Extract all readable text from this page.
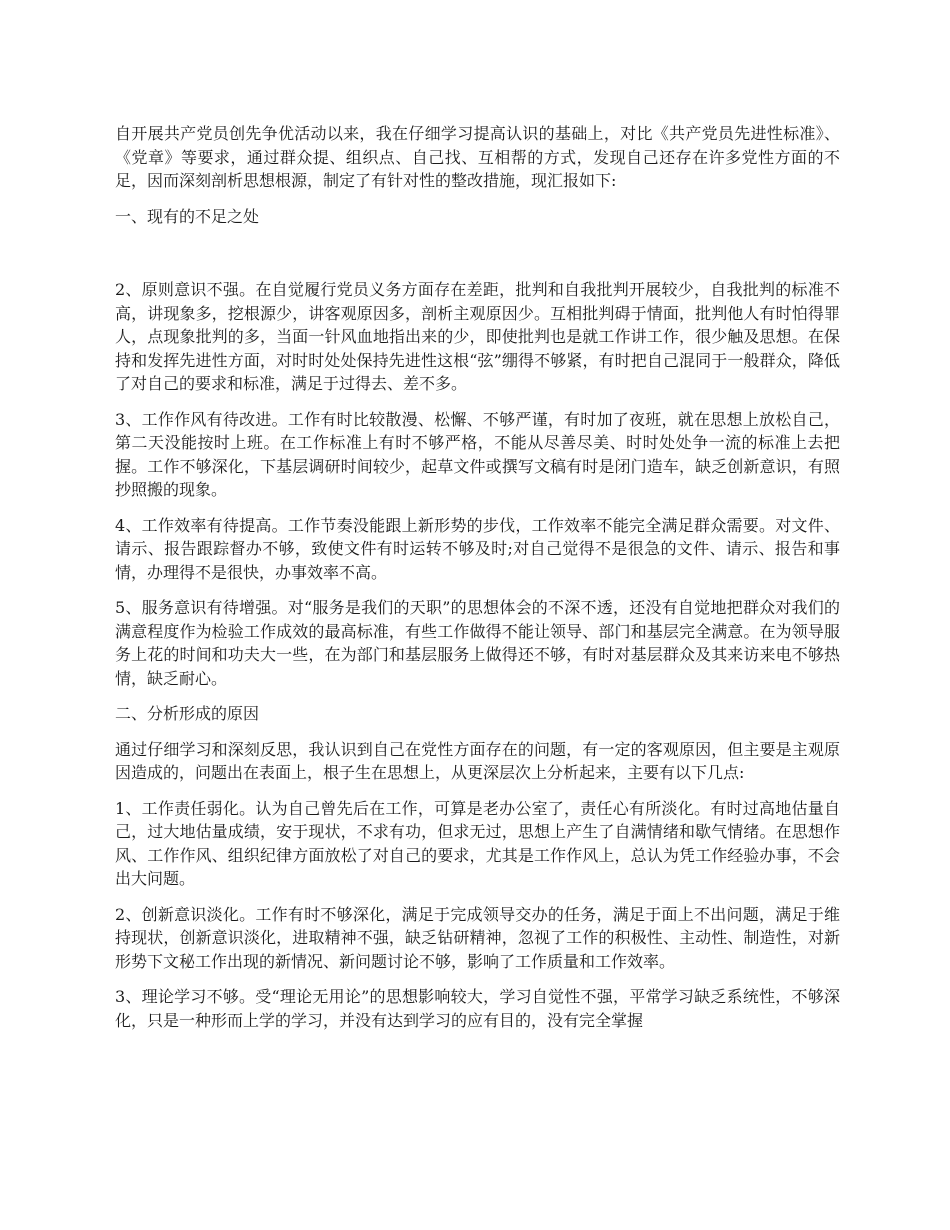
自开展共产党员创先争优活动以来，我在仔细学习提高认识的基础上，对比《共产党员先进性标准》、《党章》等要求，通过群众提、组织点、自己找、互相帮的方式，发现自己还存在许多党性方面的不足，因而深刻剖析思想根源，制定了有针对性的整改措施，现汇报如下:

一、现有的不足之处

2、原则意识不强。在自觉履行党员义务方面存在差距，批判和自我批判开展较少，自我批判的标准不高，讲现象多，挖根源少，讲客观原因多，剖析主观原因少。互相批判碍于情面，批判他人有时怕得罪人，点现象批判的多，当面一针风血地指出来的少，即使批判也是就工作讲工作，很少触及思想。在保持和发挥先进性方面，对时时处处保持先进性这根“弦”绷得不够紧，有时把自己混同于一般群众，降低了对自己的要求和标准，满足于过得去、差不多。

3、工作作风有待改进。工作有时比较散漫、松懈、不够严谨，有时加了夜班，就在思想上放松自己，第二天没能按时上班。在工作标准上有时不够严格，不能从尽善尽美、时时处处争一流的标准上去把握。工作不够深化，下基层调研时间较少，起草文件或撰写文稿有时是闭门造车，缺乏创新意识，有照抄照搬的现象。

4、工作效率有待提高。工作节奏没能跟上新形势的步伐，工作效率不能完全满足群众需要。对文件、请示、报告跟踪督办不够，致使文件有时运转不够及时;对自己觉得不是很急的文件、请示、报告和事情，办理得不是很快，办事效率不高。

5、服务意识有待增强。对“服务是我们的天职”的思想体会的不深不透，还没有自觉地把群众对我们的满意程度作为检验工作成效的最高标准，有些工作做得不能让领导、部门和基层完全满意。在为领导服务上花的时间和功夫大一些，在为部门和基层服务上做得还不够，有时对基层群众及其来访来电不够热情，缺乏耐心。

二、分析形成的原因

通过仔细学习和深刻反思，我认识到自己在党性方面存在的问题，有一定的客观原因，但主要是主观原因造成的，问题出在表面上，根子生在思想上，从更深层次上分析起来，主要有以下几点:

1、工作责任弱化。认为自己曾先后在工作，可算是老办公室了，责任心有所淡化。有时过高地估量自己，过大地估量成绩，安于现状，不求有功，但求无过，思想上产生了自满情绪和歇气情绪。在思想作风、工作作风、组织纪律方面放松了对自己的要求，尤其是工作作风上，总认为凭工作经验办事，不会出大问题。

2、创新意识淡化。工作有时不够深化，满足于完成领导交办的任务，满足于面上不出问题，满足于维持现状，创新意识淡化，进取精神不强，缺乏钻研精神，忽视了工作的积极性、主动性、制造性，对新形势下文秘工作出现的新情况、新问题讨论不够，影响了工作质量和工作效率。

3、理论学习不够。受“理论无用论”的思想影响较大，学习自觉性不强，平常学习缺乏系统性，不够深化，只是一种形而上学的学习，并没有达到学习的应有目的，没有完全掌握
